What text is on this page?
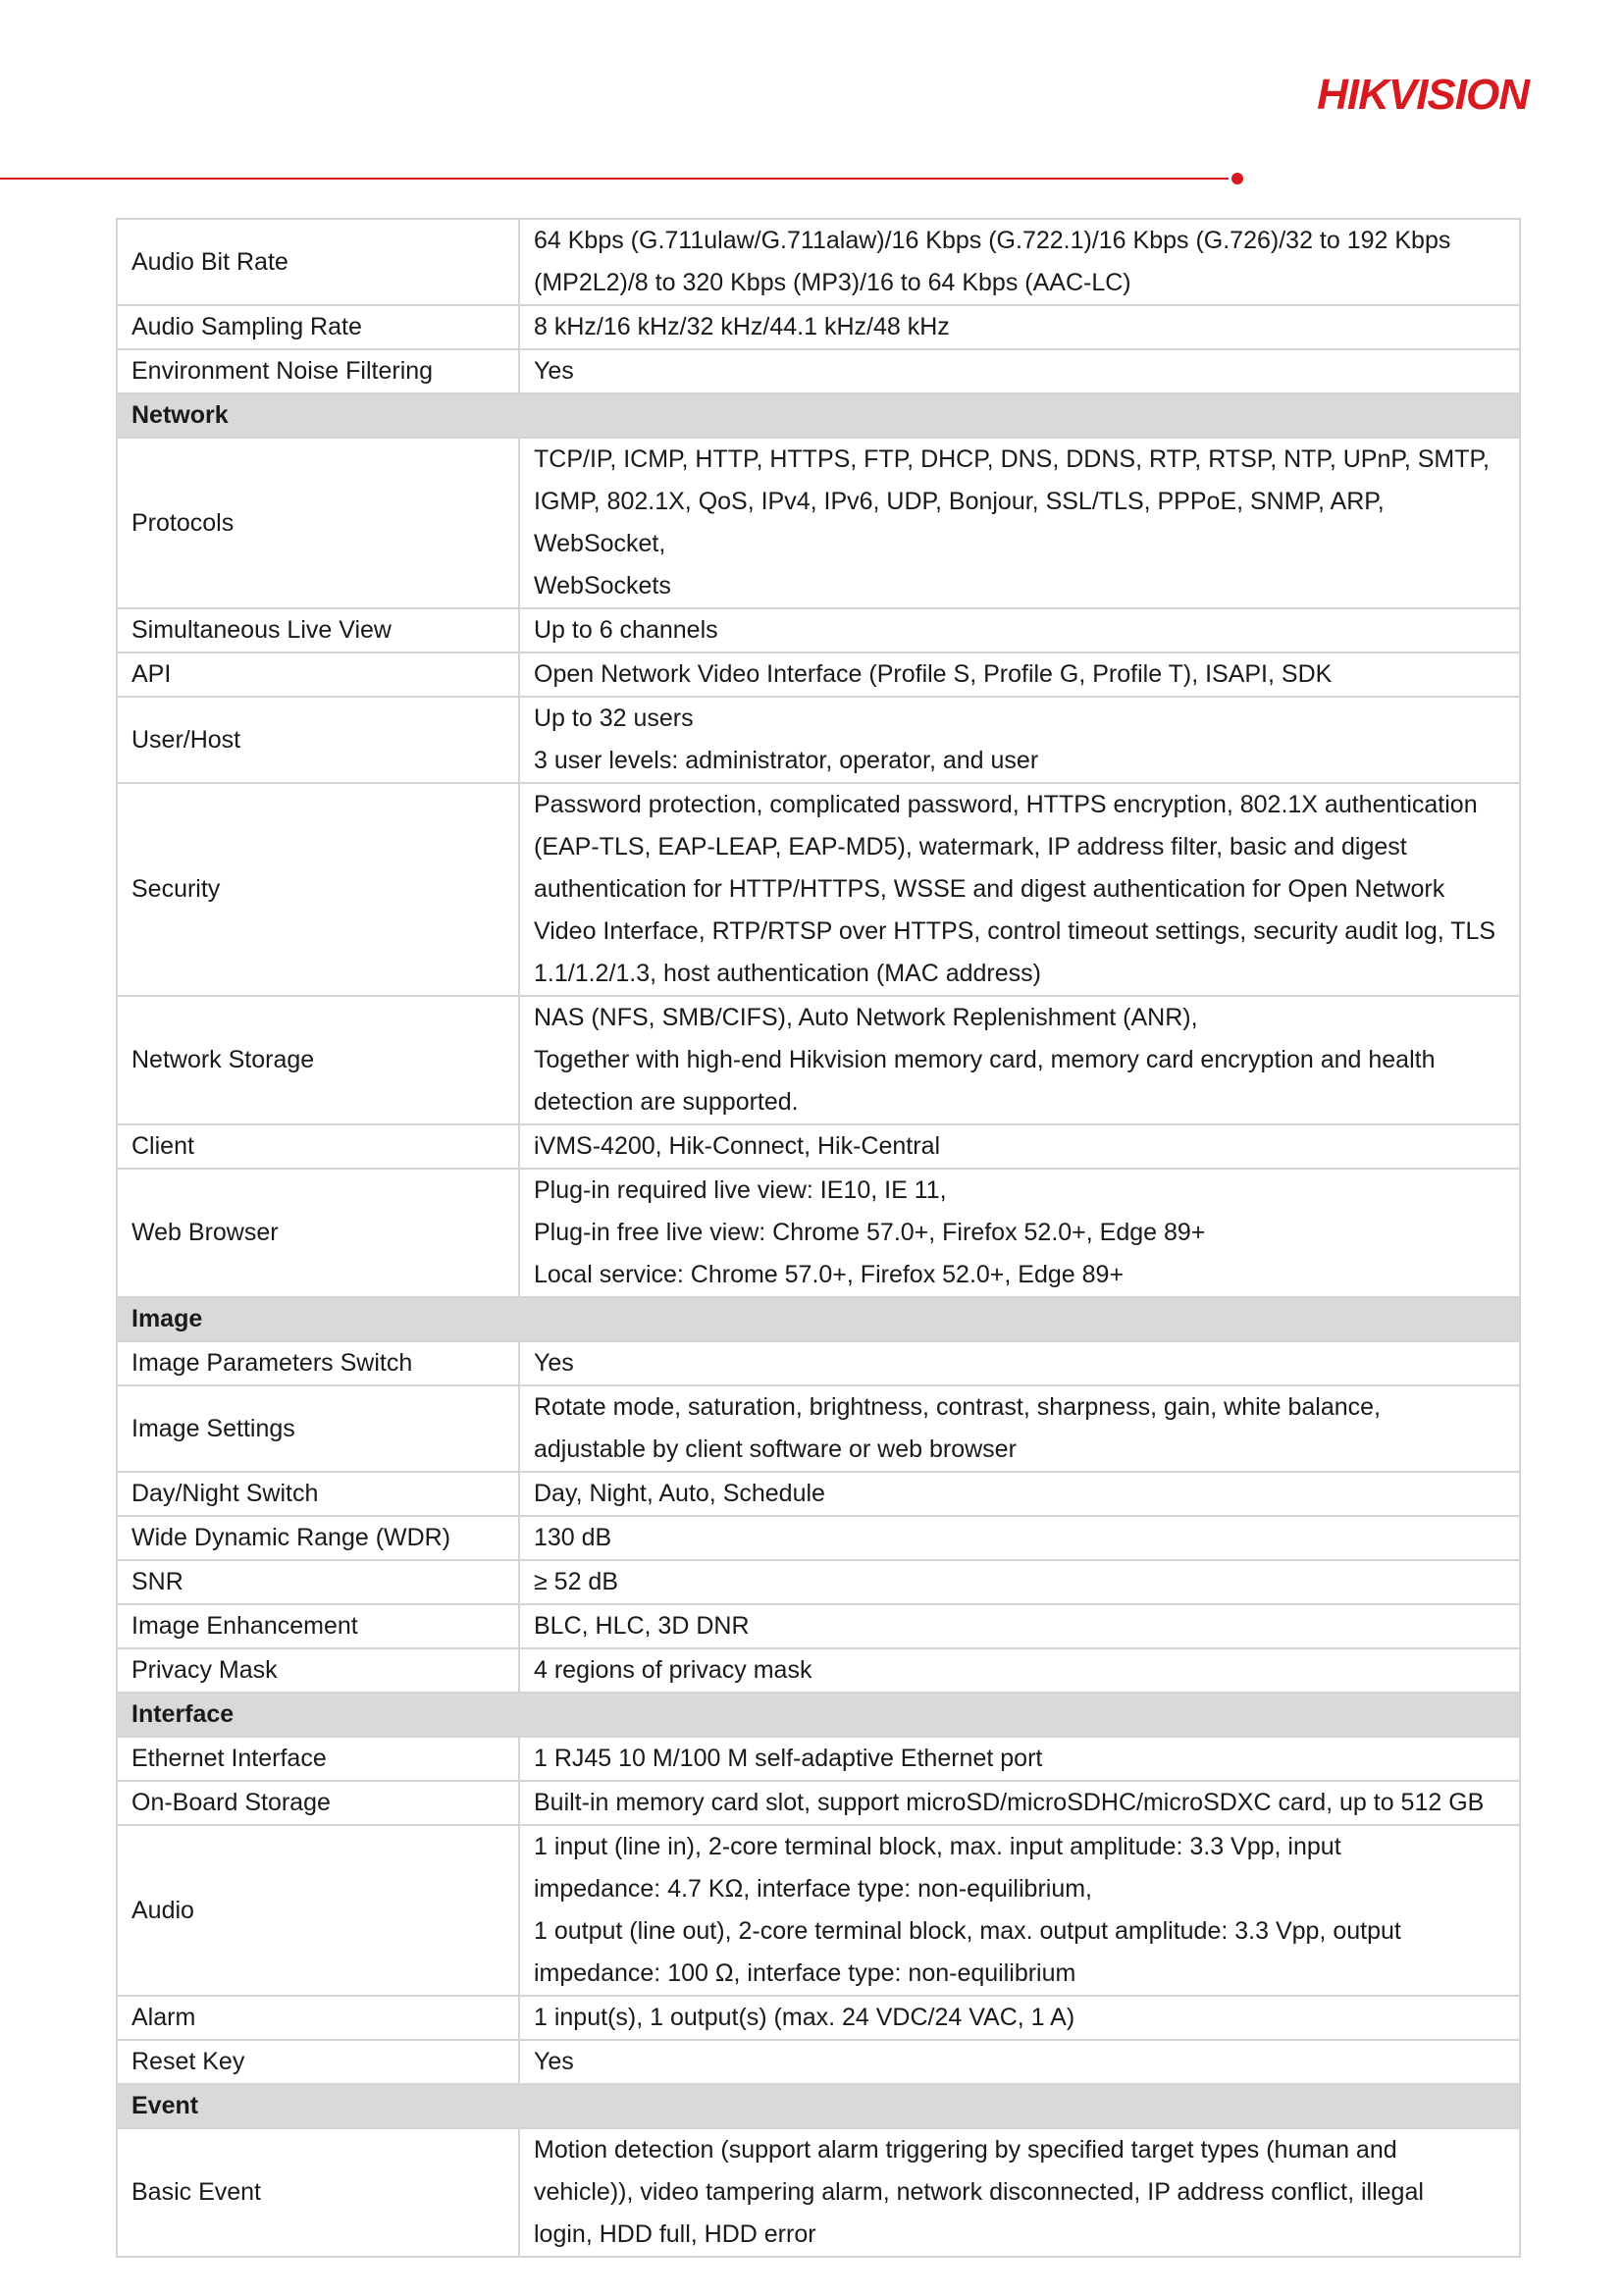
HIKVISION
Audio Bit Rate	64 Kbps (G.711ulaw/G.711alaw)/16 Kbps (G.722.1)/16 Kbps (G.726)/32 to 192 Kbps
(MP2L2)/8 to 320 Kbps (MP3)/16 to 64 Kbps (AAC-LC)

Audio Sampling Rate	8 kHz/16 kHz/32 kHz/44.1 kHz/48 kHz

Environment Noise Filtering	Yes

Network	
Protocols	TCP/IP, ICMP, HTTP, HTTPS, FTP, DHCP, DNS, DDNS, RTP, RTSP, NTP, UPnP, SMTP,
IGMP, 802.1X, QoS, IPv4, IPv6, UDP, Bonjour, SSL/TLS, PPPoE, SNMP, ARP, WebSocket,
WebSockets

Simultaneous Live View	Up to 6 channels

API	Open Network Video Interface (Profile S, Profile G, Profile T), ISAPI, SDK

User/Host	Up to 32 users
3 user levels: administrator, operator, and user

Security	Password protection, complicated password, HTTPS encryption, 802.1X authentication
(EAP-TLS, EAP-LEAP, EAP-MD5), watermark, IP address filter, basic and digest
authentication for HTTP/HTTPS, WSSE and digest authentication for Open Network
Video Interface, RTP/RTSP over HTTPS, control timeout settings, security audit log, TLS
1.1/1.2/1.3, host authentication (MAC address)

Network Storage	NAS (NFS, SMB/CIFS), Auto Network Replenishment (ANR),
Together with high-end Hikvision memory card, memory card encryption and health
detection are supported.

Client	iVMS-4200, Hik-Connect, Hik-Central

Web Browser	Plug-in required live view: IE10, IE 11,
Plug-in free live view: Chrome 57.0+, Firefox 52.0+, Edge 89+
Local service: Chrome 57.0+, Firefox 52.0+, Edge 89+

Image	
Image Parameters Switch	Yes

Image Settings	Rotate mode, saturation, brightness, contrast, sharpness, gain, white balance,
adjustable by client software or web browser

Day/Night Switch	Day, Night, Auto, Schedule

Wide Dynamic Range (WDR)	130 dB

SNR	≥ 52 dB

Image Enhancement	BLC, HLC, 3D DNR

Privacy Mask	4 regions of privacy mask

Interface	
Ethernet Interface	1 RJ45 10 M/100 M self-adaptive Ethernet port

On-Board Storage	Built-in memory card slot, support microSD/microSDHC/microSDXC card, up to 512 GB

Audio	1 input (line in), 2-core terminal block, max. input amplitude: 3.3 Vpp, input
impedance: 4.7 KΩ, interface type: non-equilibrium,
1 output (line out), 2-core terminal block, max. output amplitude: 3.3 Vpp, output
impedance: 100 Ω, interface type: non-equilibrium

Alarm	1 input(s), 1 output(s) (max. 24 VDC/24 VAC, 1 A)

Reset Key	Yes

Event	
Basic Event	Motion detection (support alarm triggering by specified target types (human and
vehicle)), video tampering alarm, network disconnected, IP address conflict, illegal
login, HDD full, HDD error
